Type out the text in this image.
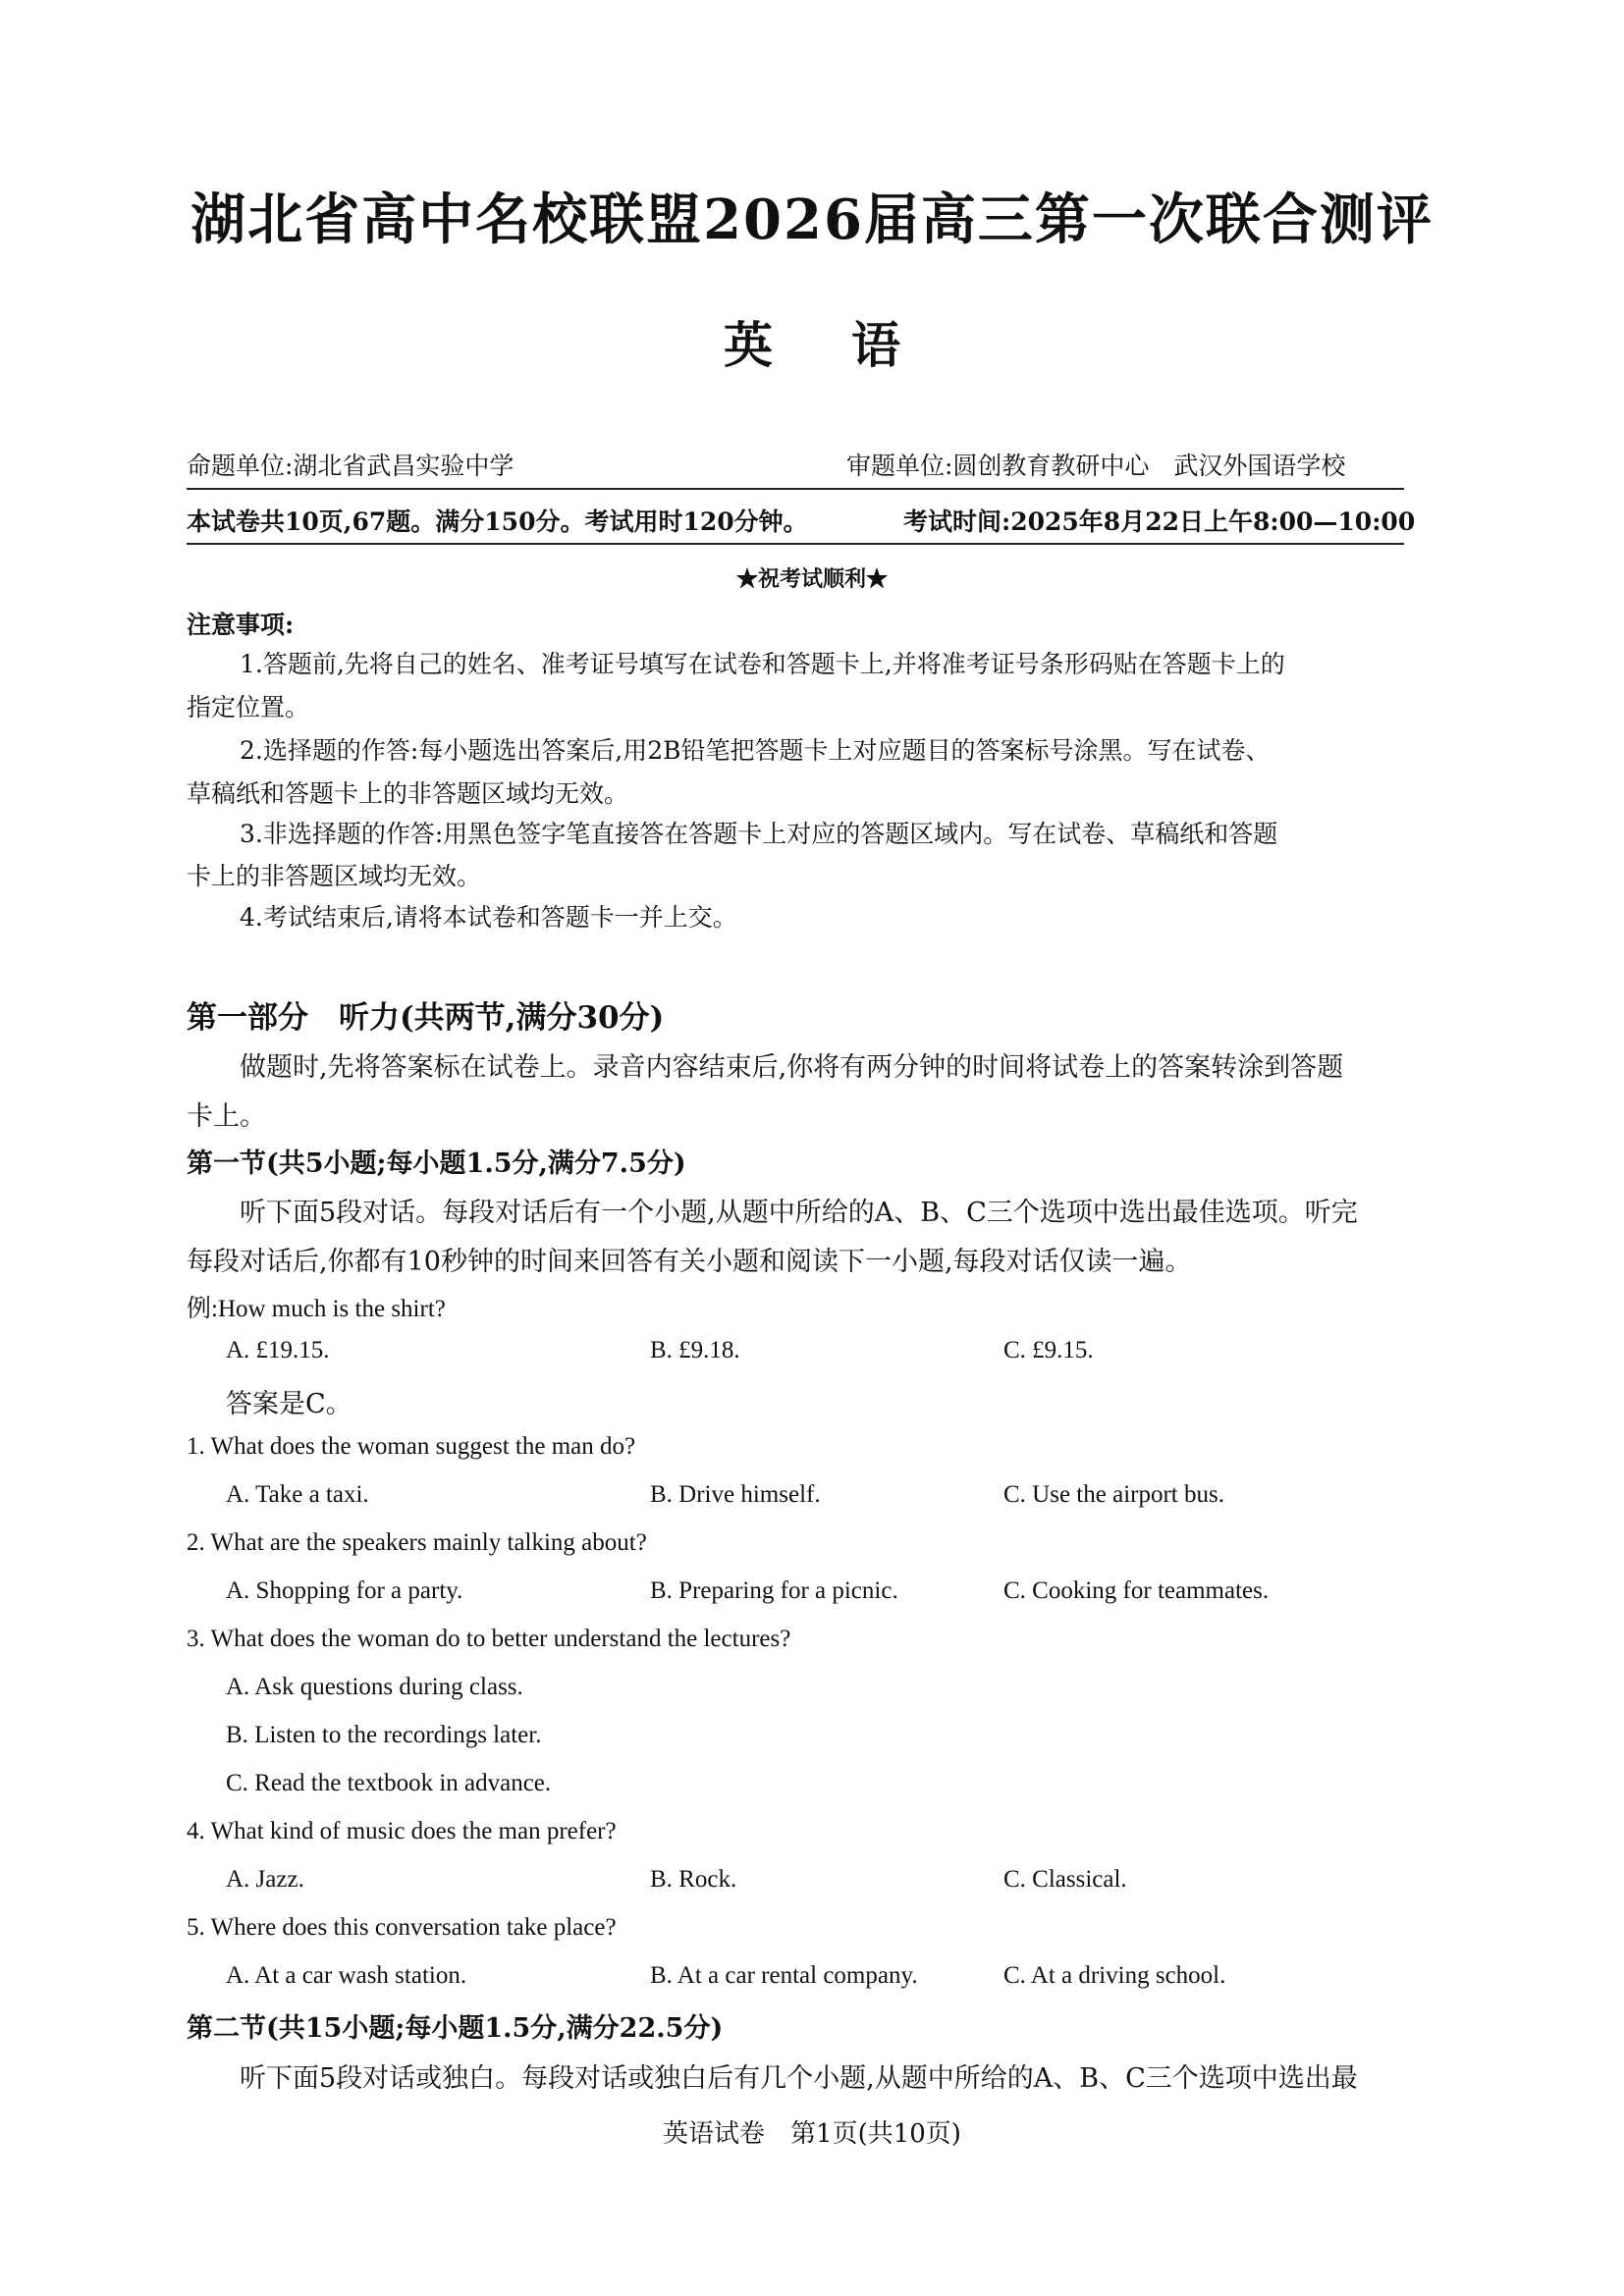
湖北省高中名校联盟2026届高三第一次联合测评
英语
命题单位:湖北省武昌实验中学	审题单位:圆创教育教研中心　武汉外国语学校
本试卷共10页,67题。满分150分。考试用时120分钟。	考试时间:2025年8月22日上午8:00—10:00
★祝考试顺利★
注意事项:
1.答题前,先将自己的姓名、准考证号填写在试卷和答题卡上,并将准考证号条形码贴在答题卡上的
指定位置。
2.选择题的作答:每小题选出答案后,用2B铅笔把答题卡上对应题目的答案标号涂黑。写在试卷、
草稿纸和答题卡上的非答题区域均无效。
3.非选择题的作答:用黑色签字笔直接答在答题卡上对应的答题区域内。写在试卷、草稿纸和答题
卡上的非答题区域均无效。
4.考试结束后,请将本试卷和答题卡一并上交。
第一部分　听力(共两节,满分30分)
做题时,先将答案标在试卷上。录音内容结束后,你将有两分钟的时间将试卷上的答案转涂到答题
卡上。
第一节(共5小题;每小题1.5分,满分7.5分)
听下面5段对话。每段对话后有一个小题,从题中所给的A、B、C三个选项中选出最佳选项。听完
每段对话后,你都有10秒钟的时间来回答有关小题和阅读下一小题,每段对话仅读一遍。
例:How much is the shirt?
A. £19.15.	B. £9.18.	C. £9.15.
答案是C。
1. What does the woman suggest the man do?
A. Take a taxi.	B. Drive himself.	C. Use the airport bus.
2. What are the speakers mainly talking about?
A. Shopping for a party.	B. Preparing for a picnic.	C. Cooking for teammates.
3. What does the woman do to better understand the lectures?
A. Ask questions during class.
B. Listen to the recordings later.
C. Read the textbook in advance.
4. What kind of music does the man prefer?
A. Jazz.	B. Rock.	C. Classical.
5. Where does this conversation take place?
A. At a car wash station.	B. At a car rental company.	C. At a driving school.
第二节(共15小题;每小题1.5分,满分22.5分)
听下面5段对话或独白。每段对话或独白后有几个小题,从题中所给的A、B、C三个选项中选出最
英语试卷　第1页(共10页)
